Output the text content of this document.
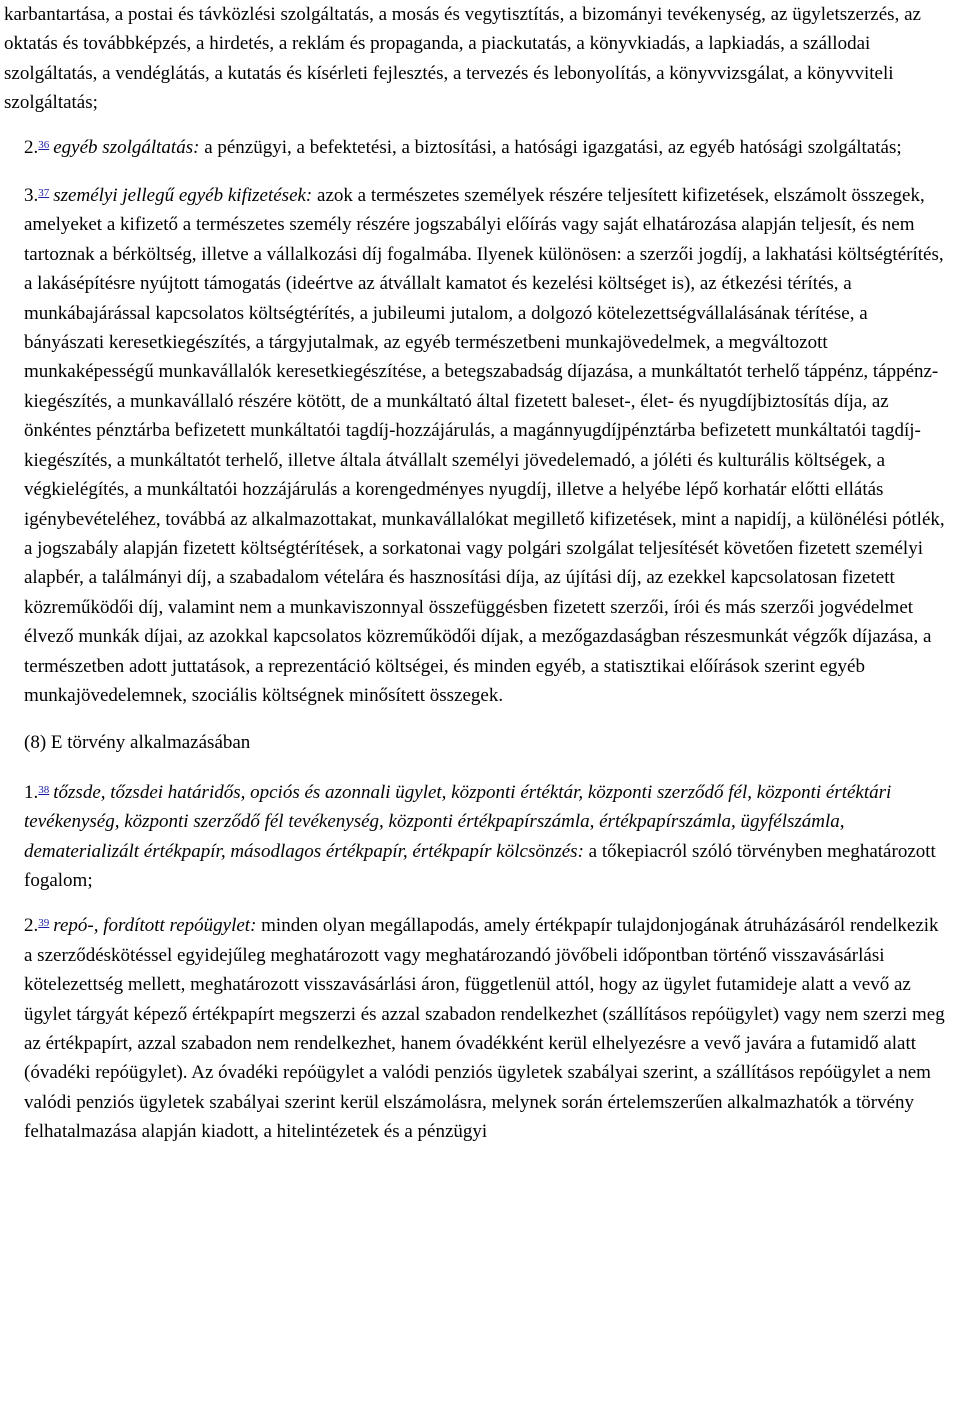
karbantartása, a postai és távközlési szolgáltatás, a mosás és vegytisztítás, a bizományi tevékenység, az ügyletszerzés, az oktatás és továbbképzés, a hirdetés, a reklám és propaganda, a piackutatás, a könyvkiadás, a lapkiadás, a szállodai szolgáltatás, a vendéglátás, a kutatás és kísérleti fejlesztés, a tervezés és lebonyolítás, a könyvvizsgálat, a könyvviteli szolgáltatás;

2.36 egyéb szolgáltatás: a pénzügyi, a befektetési, a biztosítási, a hatósági igazgatási, az egyéb hatósági szolgáltatás;

3.37 személyi jellegű egyéb kifizetések: azok a természetes személyek részére teljesített kifizetések, elszámolt összegek, amelyeket a kifizető a természetes személy részére jogszabályi előírás vagy saját elhatározása alapján teljesít, és nem tartoznak a bérköltség, illetve a vállalkozási díj fogalmába. Ilyenek különösen: a szerzői jogdíj, a lakhatási költségtérítés, a lakásépítésre nyújtott támogatás (ideértve az átvállalt kamatot és kezelési költséget is), az étkezési térítés, a munkábajárással kapcsolatos költségtérítés, a jubileumi jutalom, a dolgozó kötelezettségvállalásának térítése, a bányászati keresetkiegészítés, a tárgyjutalmak, az egyéb természetbeni munkajövedelmek, a megváltozott munkaképességű munkavállalók keresetkiegészítése, a betegszabadság díjazása, a munkáltatót terhelő táppénz, táppénz-kiegészítés, a munkavállaló részére kötött, de a munkáltató által fizetett baleset-, élet- és nyugdíjbiztosítás díja, az önkéntes pénztárba befizetett munkáltatói tagdíj-hozzájárulás, a magánnyugdíjpénztárba befizetett munkáltatói tagdíj-kiegészítés, a munkáltatót terhelő, illetve általa átvállalt személyi jövedelemadó, a jóléti és kulturális költségek, a végkielégítés, a munkáltatói hozzájárulás a korengedményes nyugdíj, illetve a helyébe lépő korhatár előtti ellátás igénybevételéhez, továbbá az alkalmazottakat, munkavállalókat megillető kifizetések, mint a napidíj, a különélési pótlék, a jogszabály alapján fizetett költségtérítések, a sorkatonai vagy polgári szolgálat teljesítését követően fizetett személyi alapbér, a találmányi díj, a szabadalom vételára és hasznosítási díja, az újítási díj, az ezekkel kapcsolatosan fizetett közreműködői díj, valamint nem a munkaviszonnyal összefüggésben fizetett szerzői, írói és más szerzői jogvédelmet élvező munkák díjai, az azokkal kapcsolatos közreműködői díjak, a mezőgazdaságban részesmunkát végzők díjazása, a természetben adott juttatások, a reprezentáció költségei, és minden egyéb, a statisztikai előírások szerint egyéb munkajövedelemnek, szociális költségnek minősített összegek.

(8) E törvény alkalmazásában

1.38 tőzsde, tőzsdei határidős, opciós és azonnali ügylet, központi értéktár, központi szerződő fél, központi értéktári tevékenység, központi szerződő fél tevékenység, központi értékpapírszámla, értékpapírszámla, ügyfélszámla, dematerializált értékpapír, másodlagos értékpapír, értékpapír kölcsönzés: a tőkepiacról szóló törvényben meghatározott fogalom;

2.39 repó-, fordított repóügylet: minden olyan megállapodás, amely értékpapír tulajdonjogának átruházásáról rendelkezik a szerződéskötéssel egyidejűleg meghatározott vagy meghatározandó jövőbeli időpontban történő visszavásárlási kötelezettség mellett, meghatározott visszavásárlási áron, függetlenül attól, hogy az ügylet futamideje alatt a vevő az ügylet tárgyát képező értékpapírt megszerzi és azzal szabadon rendelkezhet (szállításos repóügylet) vagy nem szerzi meg az értékpapírt, azzal szabadon nem rendelkezhet, hanem óvadékként kerül elhelyezésre a vevő javára a futamidő alatt (óvadéki repóügylet). Az óvadéki repóügylet a valódi penziós ügyletek szabályai szerint, a szállításos repóügylet a nem valódi penziós ügyletek szabályai szerint kerül elszámolásra, melynek során értelemszerűen alkalmazhatók a törvény felhatalmazása alapján kiadott, a hitelintézetek és a pénzügyi
